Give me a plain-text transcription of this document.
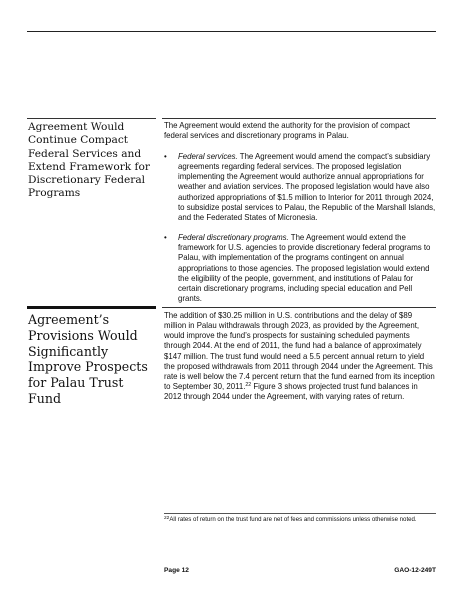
Agreement Would Continue Compact Federal Services and Extend Framework for Discretionary Federal Programs

The Agreement would extend the authority for the provision of compact federal services and discretionary programs in Palau.

• Federal services. The Agreement would amend the compact’s subsidiary agreements regarding federal services. The proposed legislation implementing the Agreement would authorize annual appropriations for weather and aviation services. The proposed legislation would have also authorized appropriations of $1.5 million to Interior for 2011 through 2024, to subsidize postal services to Palau, the Republic of the Marshall Islands, and the Federated States of Micronesia.
• Federal discretionary programs. The Agreement would extend the framework for U.S. agencies to provide discretionary federal programs to Palau, with implementation of the programs contingent on annual appropriations to those agencies. The proposed legislation would extend the eligibility of the people, government, and institutions of Palau for certain discretionary programs, including special education and Pell grants.
Agreement’s Provisions Would Significantly Improve Prospects for Palau Trust Fund

The addition of $30.25 million in U.S. contributions and the delay of $89 million in Palau withdrawals through 2023, as provided by the Agreement, would improve the fund’s prospects for sustaining scheduled payments through 2044. At the end of 2011, the fund had a balance of approximately $147 million. The trust fund would need a 5.5 percent annual return to yield the proposed withdrawals from 2011 through 2044 under the Agreement. This rate is well below the 7.4 percent return that the fund earned from its inception to September 30, 2011.22 Figure 3 shows projected trust fund balances in 2012 through 2044 under the Agreement, with varying rates of return.

$^{22}$All rates of return on the trust fund are net of fees and commissions unless otherwise noted.

Page 12	GAO-12-249T
